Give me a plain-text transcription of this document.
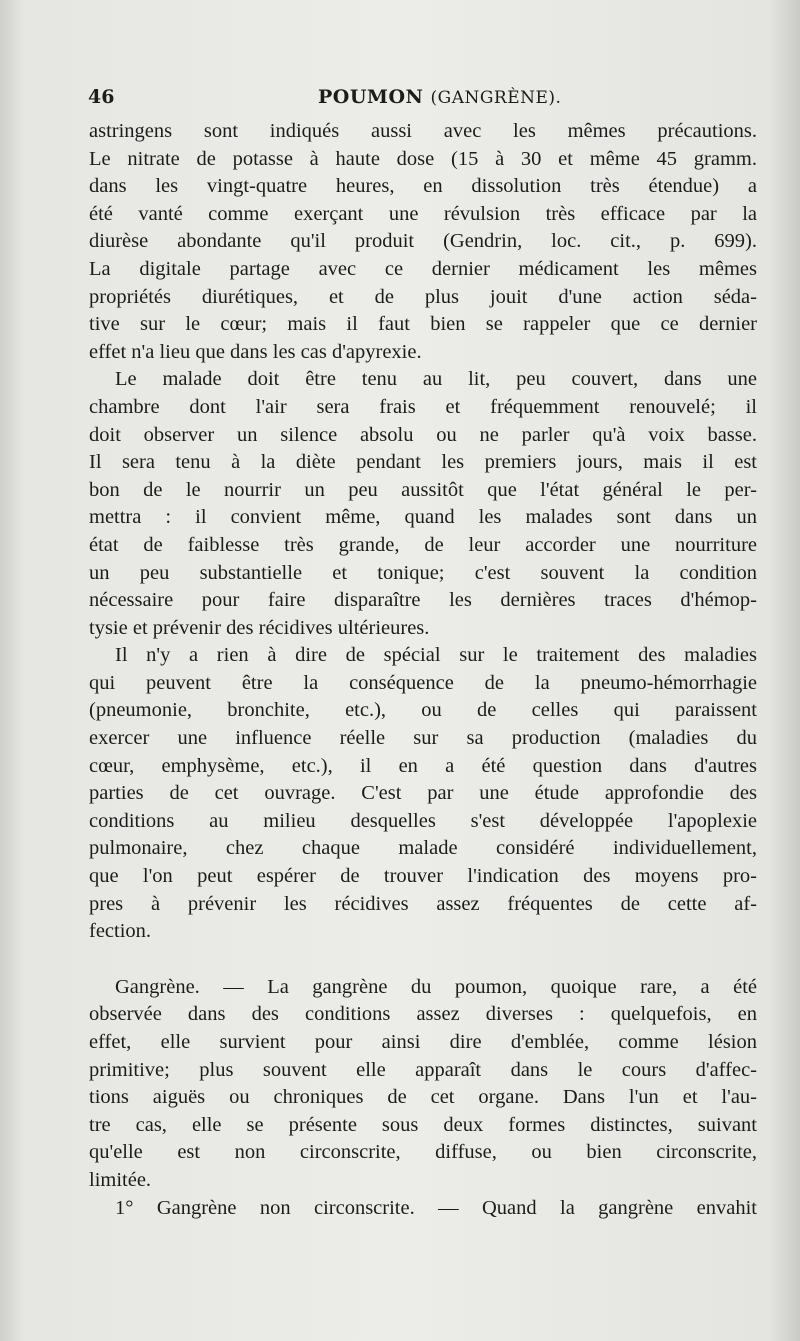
46	POUMON (GANGRÈNE).
astringens sont indiqués aussi avec les mêmes précautions.
Le nitrate de potasse à haute dose (15 à 30 et même 45 gramm.
dans les vingt-quatre heures, en dissolution très étendue) a
été vanté comme exerçant une révulsion très efficace par la
diurèse abondante qu'il produit (Gendrin, loc. cit., p. 699).
La digitale partage avec ce dernier médicament les mêmes
propriétés diurétiques, et de plus jouit d'une action séda-
tive sur le cœur; mais il faut bien se rappeler que ce dernier
effet n'a lieu que dans les cas d'apyrexie.
Le malade doit être tenu au lit, peu couvert, dans une
chambre dont l'air sera frais et fréquemment renouvelé; il
doit observer un silence absolu ou ne parler qu'à voix basse.
Il sera tenu à la diète pendant les premiers jours, mais il est
bon de le nourrir un peu aussitôt que l'état général le per-
mettra : il convient même, quand les malades sont dans un
état de faiblesse très grande, de leur accorder une nourriture
un peu substantielle et tonique; c'est souvent la condition
nécessaire pour faire disparaître les dernières traces d'hémop-
tysie et prévenir des récidives ultérieures.
Il n'y a rien à dire de spécial sur le traitement des maladies
qui peuvent être la conséquence de la pneumo-hémorrhagie
(pneumonie, bronchite, etc.), ou de celles qui paraissent
exercer une influence réelle sur sa production (maladies du
cœur, emphysème, etc.), il en a été question dans d'autres
parties de cet ouvrage. C'est par une étude approfondie des
conditions au milieu desquelles s'est développée l'apoplexie
pulmonaire, chez chaque malade considéré individuellement,
que l'on peut espérer de trouver l'indication des moyens pro-
pres à prévenir les récidives assez fréquentes de cette af-
fection.
Gangrène. — La gangrène du poumon, quoique rare, a été
observée dans des conditions assez diverses : quelquefois, en
effet, elle survient pour ainsi dire d'emblée, comme lésion
primitive; plus souvent elle apparaît dans le cours d'affec-
tions aiguës ou chroniques de cet organe. Dans l'un et l'au-
tre cas, elle se présente sous deux formes distinctes, suivant
qu'elle est non circonscrite, diffuse, ou bien circonscrite,
limitée.
1° Gangrène non circonscrite. — Quand la gangrène envahit
